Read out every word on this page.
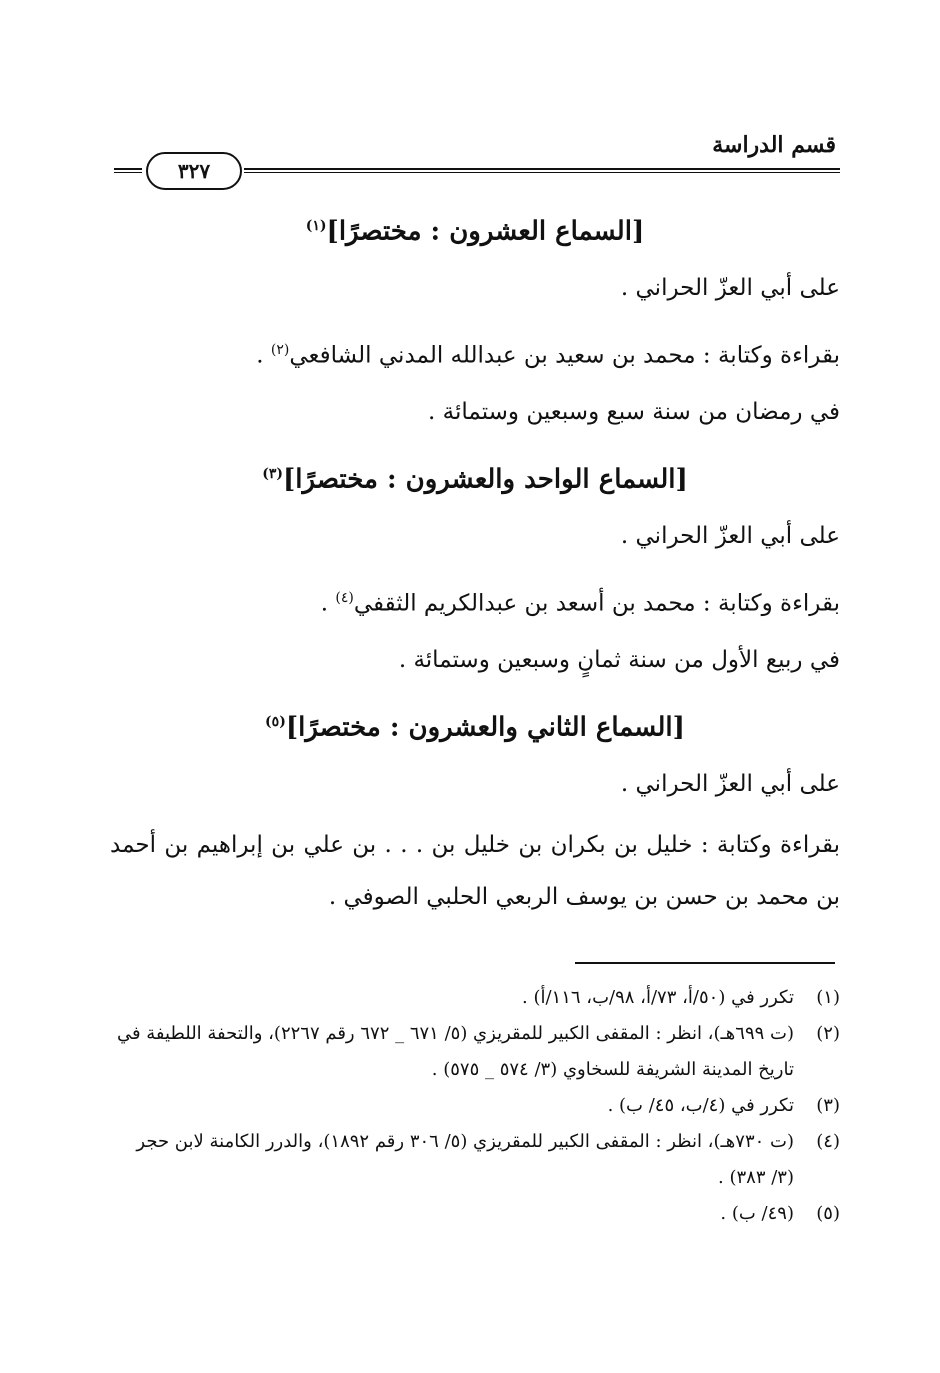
قسم الدراسة
٣٢٧
[السماع العشرون : مختصرًا]$^{(١)}$
على أبي العزّ الحراني .
بقراءة وكتابة : محمد بن سعيد بن عبدالله المدني الشافعي$^{(٢)}$ .
في رمضان من سنة سبع وسبعين وستمائة .
[السماع الواحد والعشرون : مختصرًا]$^{(٣)}$
على أبي العزّ الحراني .
بقراءة وكتابة : محمد بن أسعد بن عبدالكريم الثقفي$^{(٤)}$ .
في ربيع الأول من سنة ثمانٍ وسبعين وستمائة .
[السماع الثاني والعشرون : مختصرًا]$^{(٥)}$
على أبي العزّ الحراني .
بقراءة وكتابة : خليل بن بكران بن خليل بن . . . بن علي بن إبراهيم بن أحمد بن محمد بن حسن بن يوسف الربعي الحلبي الصوفي .
(١)
تكرر في (٥٠/أ، ٧٣/أ، ٩٨/ب، ١١٦/أ) .
(٢)
(ت ٦٩٩هـ)، انظر : المقفى الكبير للمقريزي (٥/ ٦٧١ _ ٦٧٢ رقم ٢٢٦٧)، والتحفة اللطيفة في تاريخ المدينة الشريفة للسخاوي (٣/ ٥٧٤ _ ٥٧٥) .
(٣)
تكرر في (٤/ب، ٤٥/ ب) .
(٤)
(ت ٧٣٠هـ)، انظر : المقفى الكبير للمقريزي (٥/ ٣٠٦ رقم ١٨٩٢)، والدرر الكامنة لابن حجر (٣/ ٣٨٣) .
(٥)
(٤٩/ ب) .
